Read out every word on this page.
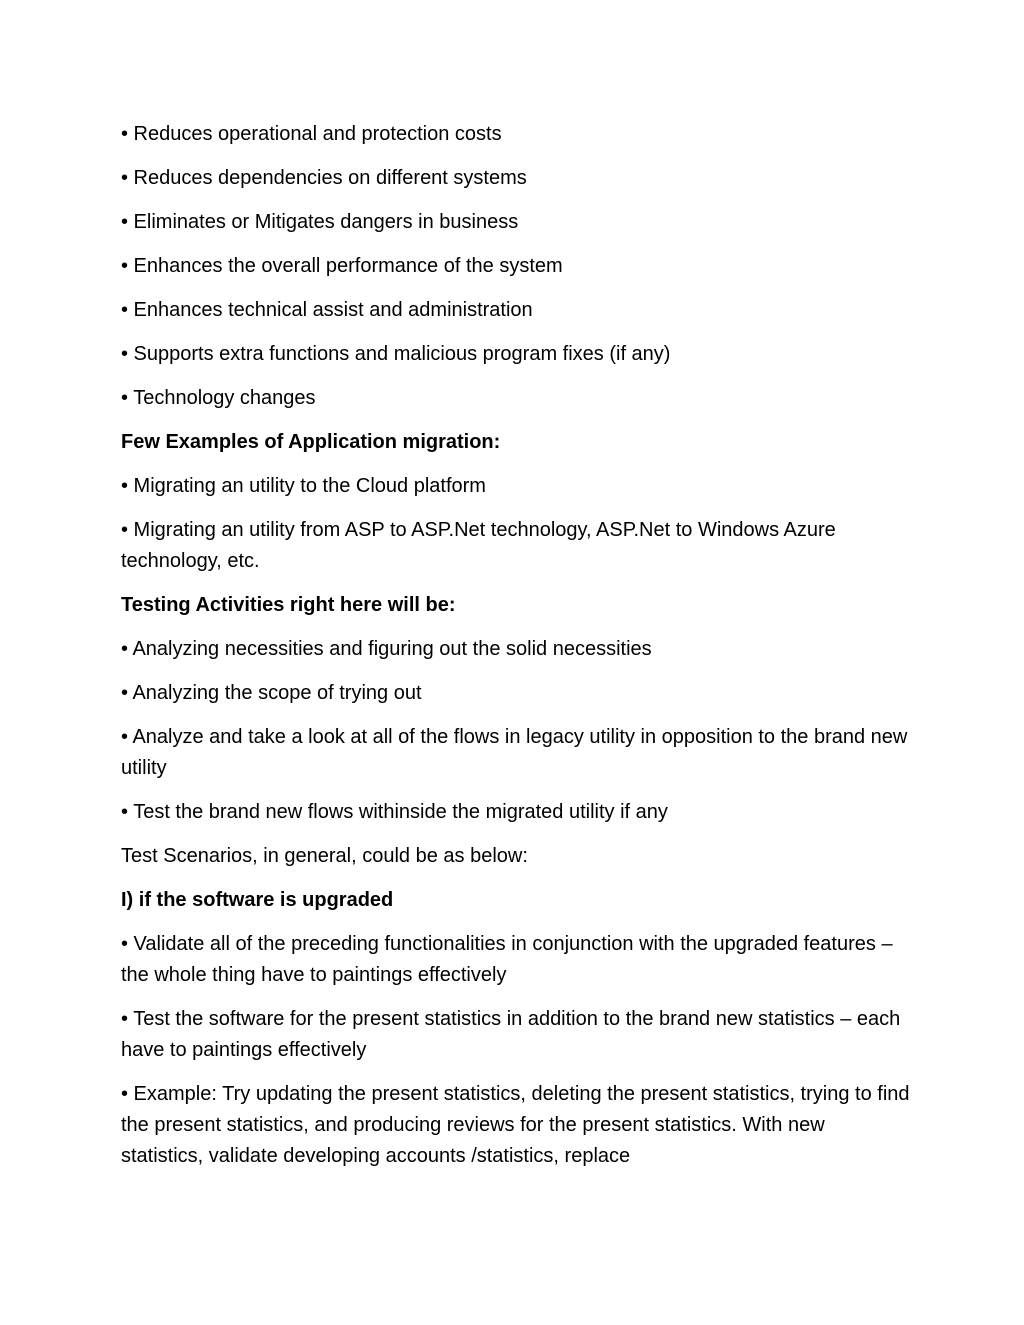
• Reduces operational and protection costs

• Reduces dependencies on different systems

• Eliminates or Mitigates dangers in business

• Enhances the overall performance of the system

• Enhances technical assist and administration

• Supports extra functions and malicious program fixes (if any)

• Technology changes

Few Examples of Application migration:

• Migrating an utility to the Cloud platform

• Migrating an utility from ASP to ASP.Net technology, ASP.Net to Windows Azure technology, etc.

Testing Activities right here will be:

• Analyzing necessities and figuring out the solid necessities

• Analyzing the scope of trying out

• Analyze and take a look at all of the flows in legacy utility in opposition to the brand new utility

• Test the brand new flows withinside the migrated utility if any

Test Scenarios, in general, could be as below:

I) if the software is upgraded

• Validate all of the preceding functionalities in conjunction with the upgraded features – the whole thing have to paintings effectively

• Test the software for the present statistics in addition to the brand new statistics – each have to paintings effectively

• Example: Try updating the present statistics, deleting the present statistics, trying to find the present statistics, and producing reviews for the present statistics. With new statistics, validate developing accounts /statistics, replace
